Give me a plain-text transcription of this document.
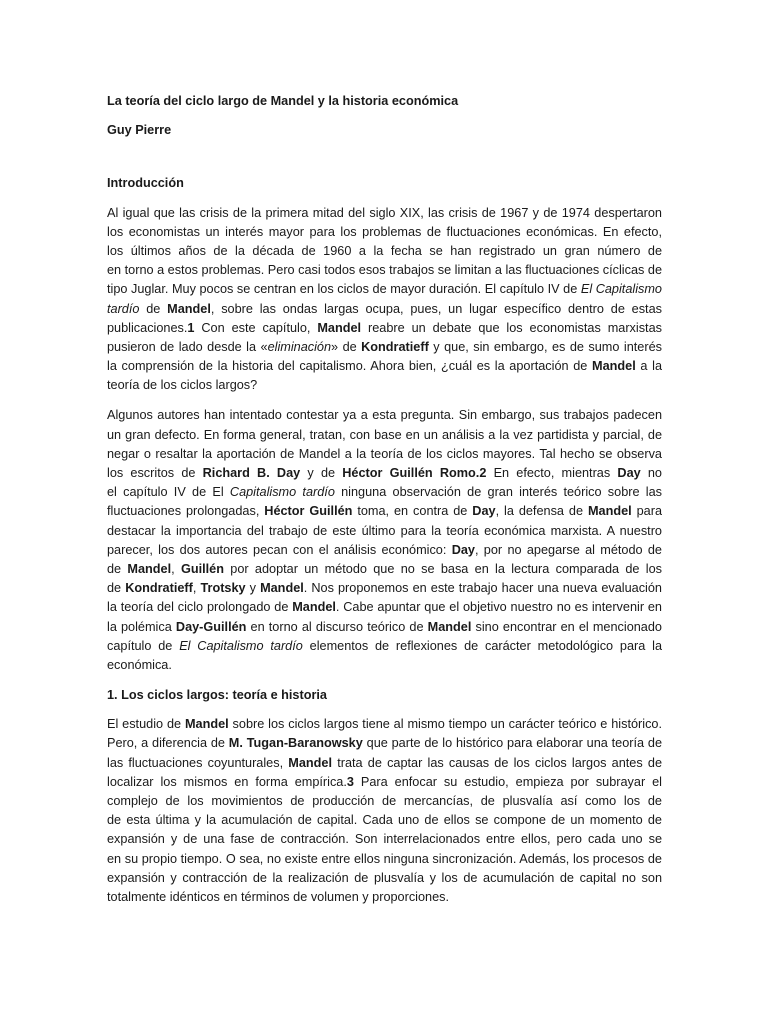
La teoría del ciclo largo de Mandel y la historia económica
Guy Pierre
Introducción
Al igual que las crisis de la primera mitad del siglo XIX, las crisis de 1967 y de 1974 despertaron
los economistas un interés mayor para los problemas de fluctuaciones económicas. En efecto,
los últimos años de la década de 1960 a la fecha se han registrado un gran número de
en torno a estos problemas. Pero casi todos esos trabajos se limitan a las fluctuaciones cíclicas de
tipo Juglar. Muy pocos se centran en los ciclos de mayor duración. El capítulo IV de El Capitalismo
tardío de Mandel, sobre las ondas largas ocupa, pues, un lugar específico dentro de estas
publicaciones.1 Con este capítulo, Mandel reabre un debate que los economistas marxistas
pusieron de lado desde la «eliminación» de Kondratieff y que, sin embargo, es de sumo interés
la comprensión de la historia del capitalismo. Ahora bien, ¿cuál es la aportación de Mandel a la
teoría de los ciclos largos?
Algunos autores han intentado contestar ya a esta pregunta. Sin embargo, sus trabajos padecen
un gran defecto. En forma general, tratan, con base en un análisis a la vez partidista y parcial, de
negar o resaltar la aportación de Mandel a la teoría de los ciclos mayores. Tal hecho se observa
los escritos de Richard B. Day y de Héctor Guillén Romo.2 En efecto, mientras Day no
el capítulo IV de El Capitalismo tardío ninguna observación de gran interés teórico sobre las
fluctuaciones prolongadas, Héctor Guillén toma, en contra de Day, la defensa de Mandel para
destacar la importancia del trabajo de este último para la teoría económica marxista. A nuestro
parecer, los dos autores pecan con el análisis económico: Day, por no apegarse al método de
de Mandel, Guillén por adoptar un método que no se basa en la lectura comparada de los
de Kondratieff, Trotsky y Mandel. Nos proponemos en este trabajo hacer una nueva evaluación
la teoría del ciclo prolongado de Mandel. Cabe apuntar que el objetivo nuestro no es intervenir en
la polémica Day-Guillén en torno al discurso teórico de Mandel sino encontrar en el mencionado
capítulo de El Capitalismo tardío elementos de reflexiones de carácter metodológico para la
económica.
1. Los ciclos largos: teoría e historia
El estudio de Mandel sobre los ciclos largos tiene al mismo tiempo un carácter teórico e histórico.
Pero, a diferencia de M. Tugan-Baranowsky que parte de lo histórico para elaborar una teoría de
las fluctuaciones coyunturales, Mandel trata de captar las causas de los ciclos largos antes de
localizar los mismos en forma empírica.3 Para enfocar su estudio, empieza por subrayar el
complejo de los movimientos de producción de mercancías, de plusvalía así como los de
de esta última y la acumulación de capital. Cada uno de ellos se compone de un momento de
expansión y de una fase de contracción. Son interrelacionados entre ellos, pero cada uno se
en su propio tiempo. O sea, no existe entre ellos ninguna sincronización. Además, los procesos de
expansión y contracción de la realización de plusvalía y los de acumulación de capital no son
totalmente idénticos en términos de volumen y proporciones.
